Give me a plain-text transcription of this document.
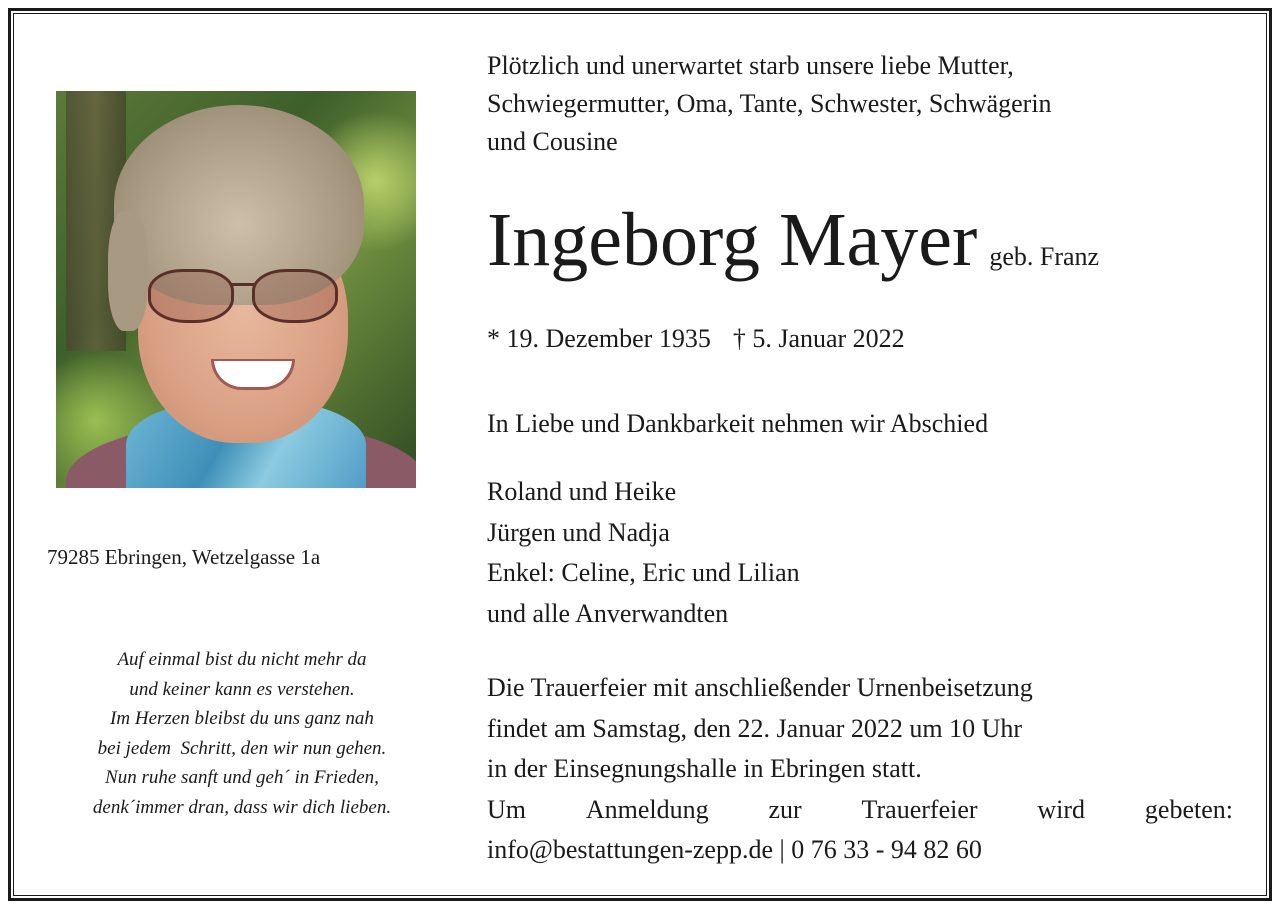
79285 Ebringen, Wetzelgasse 1a

Auf einmal bist du nicht mehr da
und keiner kann es verstehen.
Im Herzen bleibst du uns ganz nah
bei jedem  Schritt, den wir nun gehen.
Nun ruhe sanft und geh´ in Frieden,
denk´immer dran, dass wir dich lieben.
Plötzlich und unerwartet starb unsere liebe Mutter,
Schwiegermutter, Oma, Tante, Schwester, Schwägerin
und Cousine
Ingeborg Mayer geb. Franz
* 19. Dezember 1935 † 5. Januar 2022

In Liebe und Dankbarkeit nehmen wir Abschied

Roland und Heike
Jürgen und Nadja
Enkel: Celine, Eric und Lilian
und alle Anverwandten
Die Trauerfeier mit anschließender Urnenbeisetzung
findet am Samstag, den 22. Januar 2022 um 10 Uhr
in der Einsegnungshalle in Ebringen statt.
Um Anmeldung zur Trauerfeier wird gebeten:
info@bestattungen-zepp.de | 0 76 33 - 94 82 60
